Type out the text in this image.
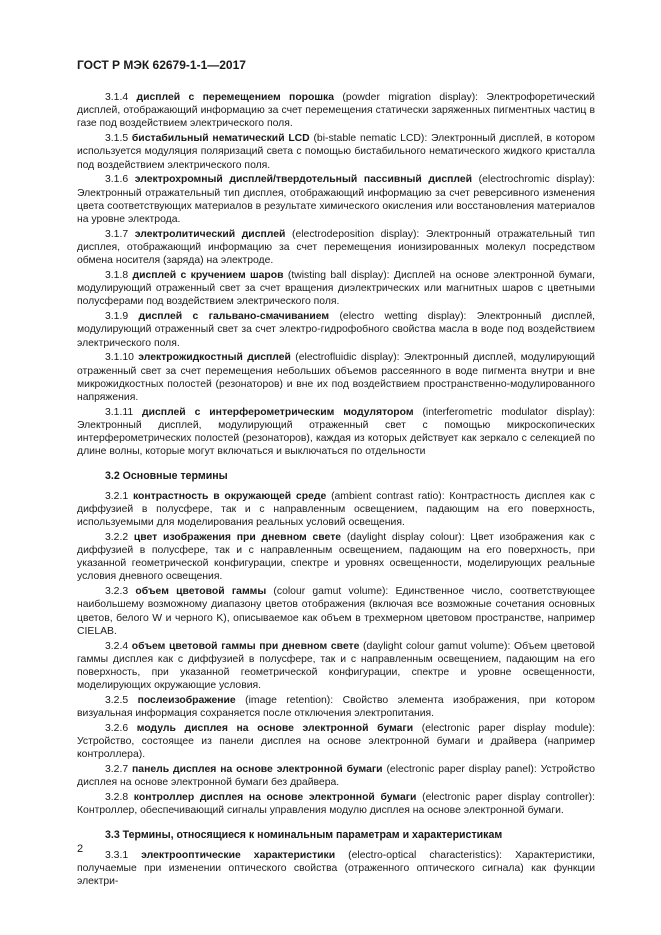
ГОСТ Р МЭК 62679-1-1—2017

3.1.4 дисплей с перемещением порошка (powder migration display): Электрофоретический дисплей, отображающий информацию за счет перемещения статически заряженных пигментных частиц в газе под воздействием электрического поля.

3.1.5 бистабильный нематический LCD (bi-stable nematic LCD): Электронный дисплей, в котором используется модуляция поляризаций света с помощью бистабильного нематического жидкого кристалла под воздействием электрического поля.

3.1.6 электрохромный дисплей/твердотельный пассивный дисплей (electrochromic display): Электронный отражательный тип дисплея, отображающий информацию за счет реверсивного изменения цвета соответствующих материалов в результате химического окисления или восстановления материалов на уровне электрода.

3.1.7 электролитический дисплей (electrodeposition display): Электронный отражательный тип дисплея, отображающий информацию за счет перемещения ионизированных молекул посредством обмена носителя (заряда) на электроде.

3.1.8 дисплей с кручением шаров (twisting ball display): Дисплей на основе электронной бумаги, модулирующий отраженный свет за счет вращения диэлектрических или магнитных шаров с цветными полусферами под воздействием электрического поля.

3.1.9 дисплей с гальвано-смачиванием (electro wetting display): Электронный дисплей, модулирующий отраженный свет за счет электро-гидрофобного свойства масла в воде под воздействием электрического поля.

3.1.10 электрожидкостный дисплей (electrofluidic display): Электронный дисплей, модулирующий отраженный свет за счет перемещения небольших объемов рассеянного в воде пигмента внутри и вне микрожидкостных полостей (резонаторов) и вне их под воздействием пространственно-модулированного напряжения.

3.1.11 дисплей с интерферометрическим модулятором (interferometric modulator display): Электронный дисплей, модулирующий отраженный свет с помощью микроскопических интерферометрических полостей (резонаторов), каждая из которых действует как зеркало с селекцией по длине волны, которые могут включаться и выключаться по отдельности

3.2 Основные термины

3.2.1 контрастность в окружающей среде (ambient contrast ratio): Контрастность дисплея как с диффузией в полусфере, так и с направленным освещением, падающим на его поверхность, используемыми для моделирования реальных условий освещения.

3.2.2 цвет изображения при дневном свете (daylight display colour): Цвет изображения как с диффузией в полусфере, так и с направленным освещением, падающим на его поверхность, при указанной геометрической конфигурации, спектре и уровнях освещенности, моделирующих реальные условия дневного освещения.

3.2.3 объем цветовой гаммы (colour gamut volume): Единственное число, соответствующее наибольшему возможному диапазону цветов отображения (включая все возможные сочетания основных цветов, белого W и черного K), описываемое как объем в трехмерном цветовом пространстве, например CIELAB.

3.2.4 объем цветовой гаммы при дневном свете (daylight colour gamut volume): Объем цветовой гаммы дисплея как с диффузией в полусфере, так и с направленным освещением, падающим на его поверхность, при указанной геометрической конфигурации, спектре и уровне освещенности, моделирующих окружающие условия.

3.2.5 послеизображение (image retention): Свойство элемента изображения, при котором визуальная информация сохраняется после отключения электропитания.

3.2.6 модуль дисплея на основе электронной бумаги (electronic paper display module): Устройство, состоящее из панели дисплея на основе электронной бумаги и драйвера (например контроллера).

3.2.7 панель дисплея на основе электронной бумаги (electronic paper display panel): Устройство дисплея на основе электронной бумаги без драйвера.

3.2.8 контроллер дисплея на основе электронной бумаги (electronic paper display controller): Контроллер, обеспечивающий сигналы управления модулю дисплея на основе электронной бумаги.

3.3 Термины, относящиеся к номинальным параметрам и характеристикам

3.3.1 электрооптические характеристики (electro-optical characteristics): Характеристики, получаемые при изменении оптического свойства (отраженного оптического сигнала) как функции электри-

2
